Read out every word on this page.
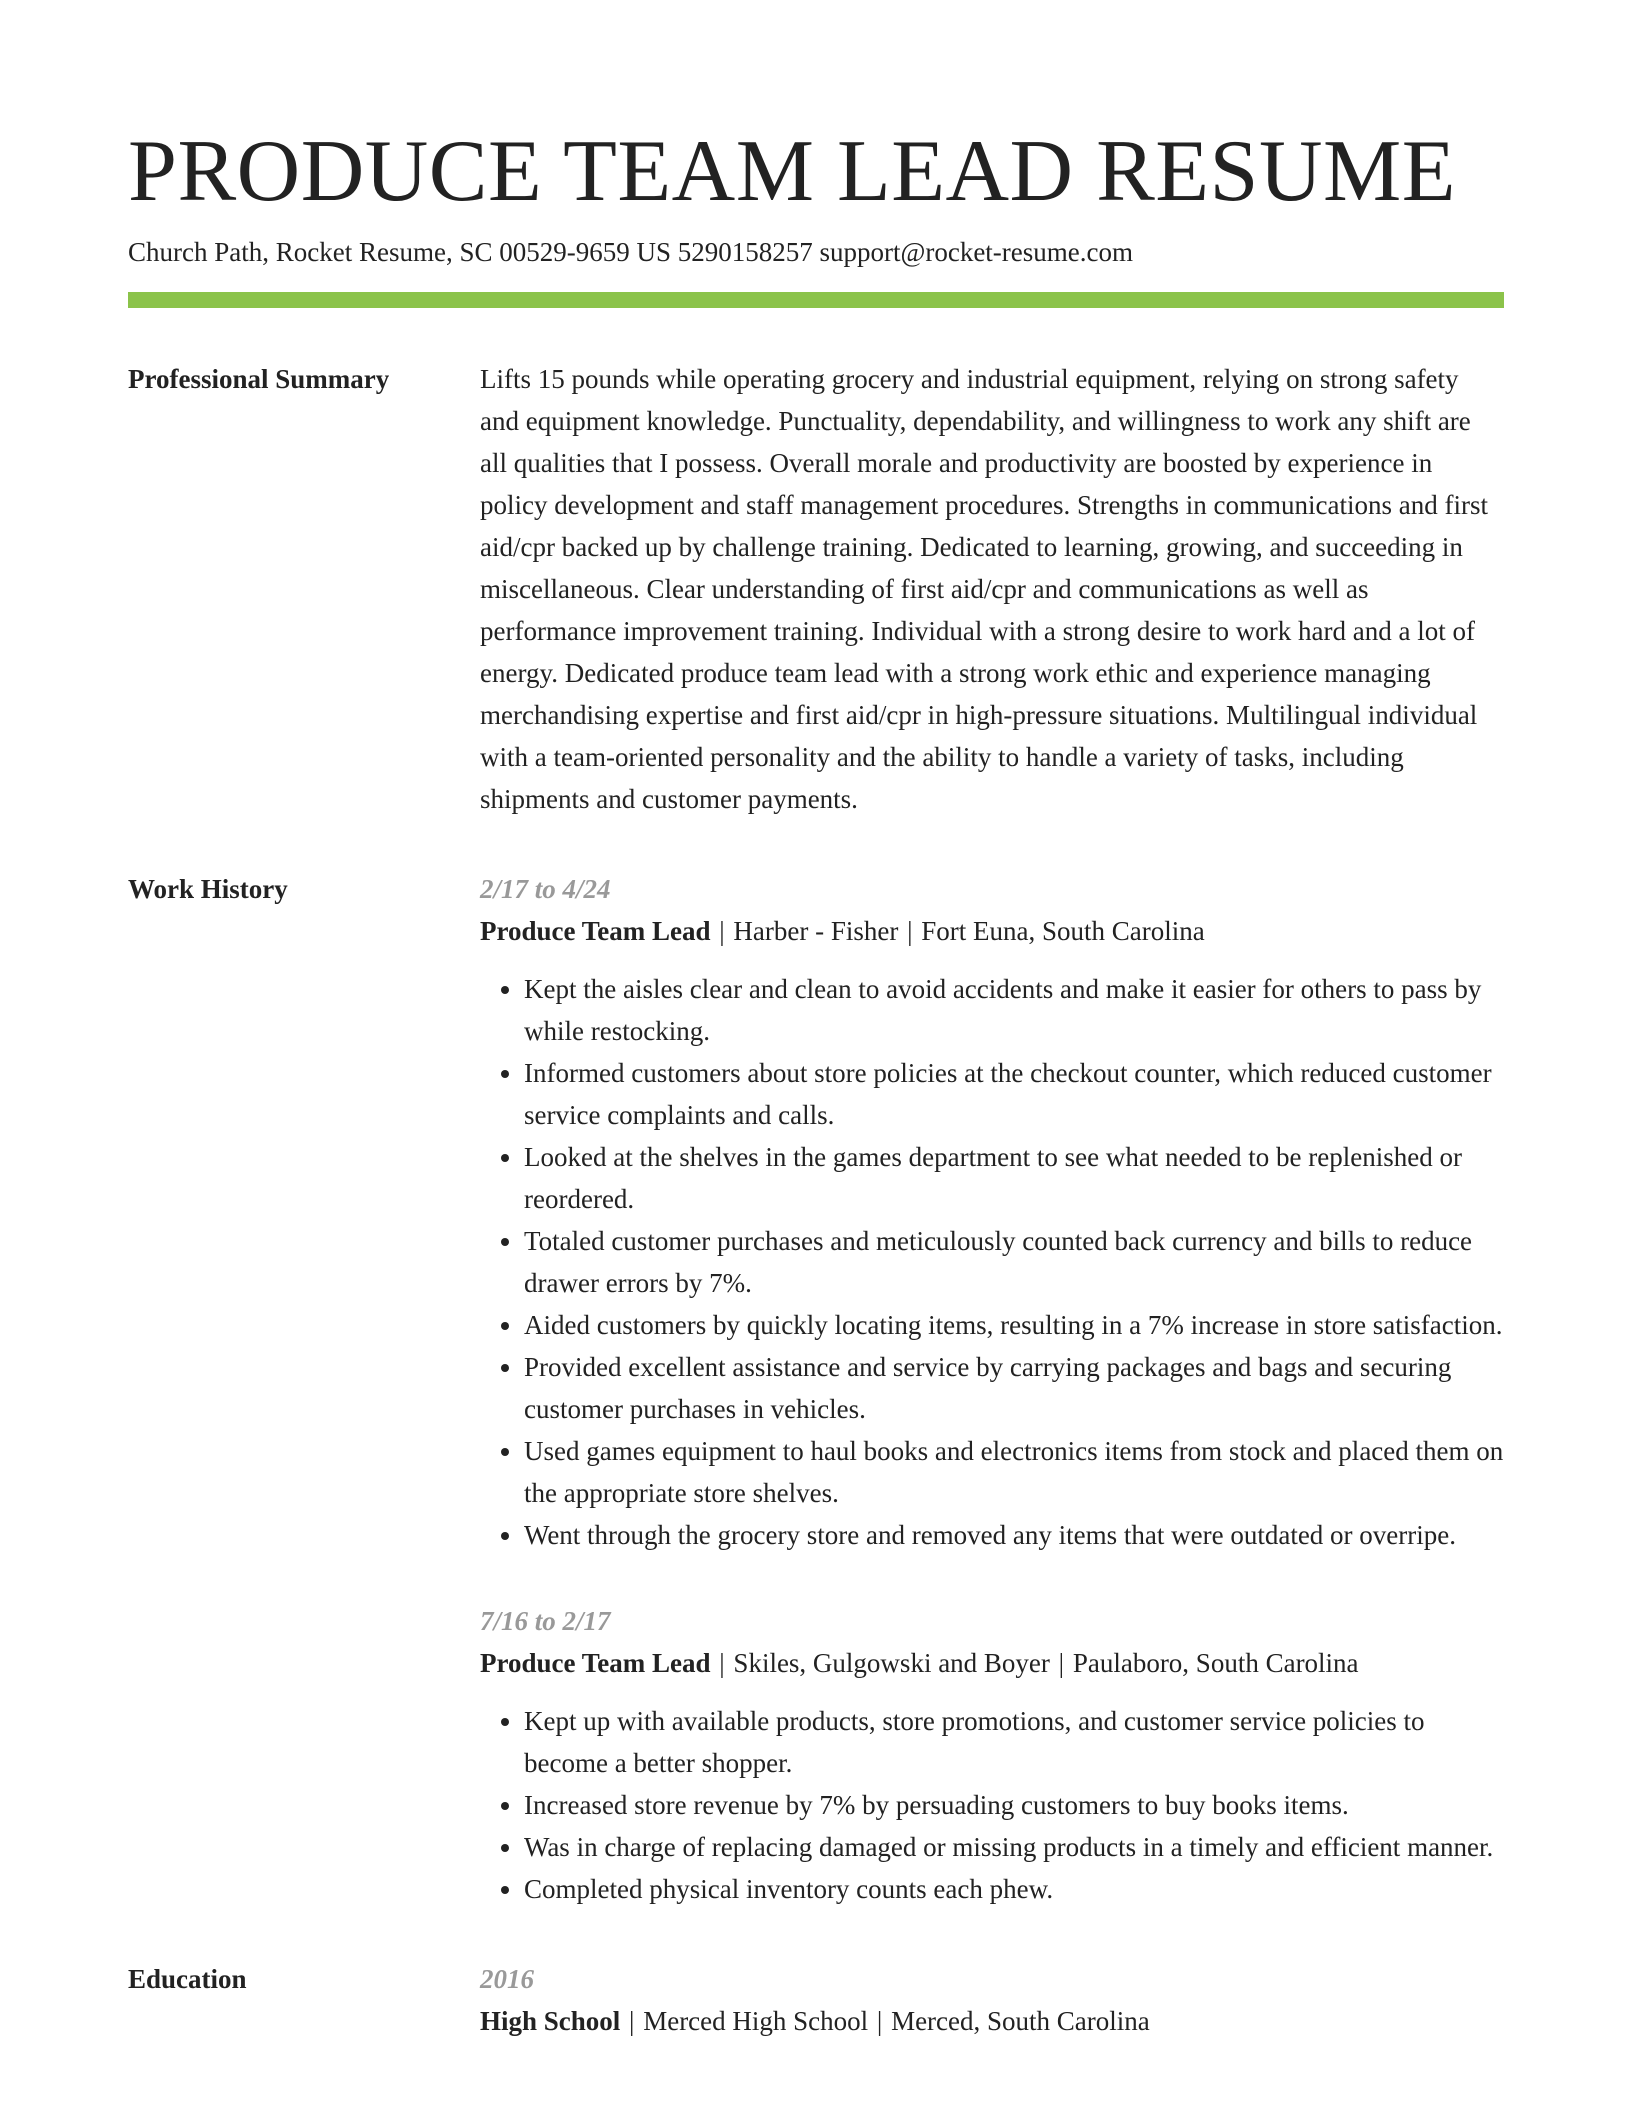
PRODUCE TEAM LEAD RESUME
Church Path, Rocket Resume, SC 00529-9659 US 5290158257 support@rocket-resume.com
Professional Summary	Lifts 15 pounds while operating grocery and industrial equipment, relying on strong safety and equipment knowledge. Punctuality, dependability, and willingness to work any shift are all qualities that I possess. Overall morale and productivity are boosted by experience in policy development and staff management procedures. Strengths in communications and first aid/cpr backed up by challenge training. Dedicated to learning, growing, and succeeding in miscellaneous. Clear understanding of first aid/cpr and communications as well as performance improvement training. Individual with a strong desire to work hard and a lot of energy. Dedicated produce team lead with a strong work ethic and experience managing merchandising expertise and first aid/cpr in high-pressure situations. Multilingual individual with a team-oriented personality and the ability to handle a variety of tasks, including shipments and customer payments.

Work History	2/17 to 4/24
Produce Team Lead | Harber - Fisher | Fort Euna, South Carolina
• Kept the aisles clear and clean to avoid accidents and make it easier for others to pass by while restocking.
• Informed customers about store policies at the checkout counter, which reduced customer service complaints and calls.
• Looked at the shelves in the games department to see what needed to be replenished or reordered.
• Totaled customer purchases and meticulously counted back currency and bills to reduce drawer errors by 7%.
• Aided customers by quickly locating items, resulting in a 7% increase in store satisfaction.
• Provided excellent assistance and service by carrying packages and bags and securing customer purchases in vehicles.
• Used games equipment to haul books and electronics items from stock and placed them on the appropriate store shelves.
• Went through the grocery store and removed any items that were outdated or overripe.
7/16 to 2/17
Produce Team Lead | Skiles, Gulgowski and Boyer | Paulaboro, South Carolina
• Kept up with available products, store promotions, and customer service policies to become a better shopper.
• Increased store revenue by 7% by persuading customers to buy books items.
• Was in charge of replacing damaged or missing products in a timely and efficient manner.
• Completed physical inventory counts each phew.
Education	2016
High School | Merced High School | Merced, South Carolina
